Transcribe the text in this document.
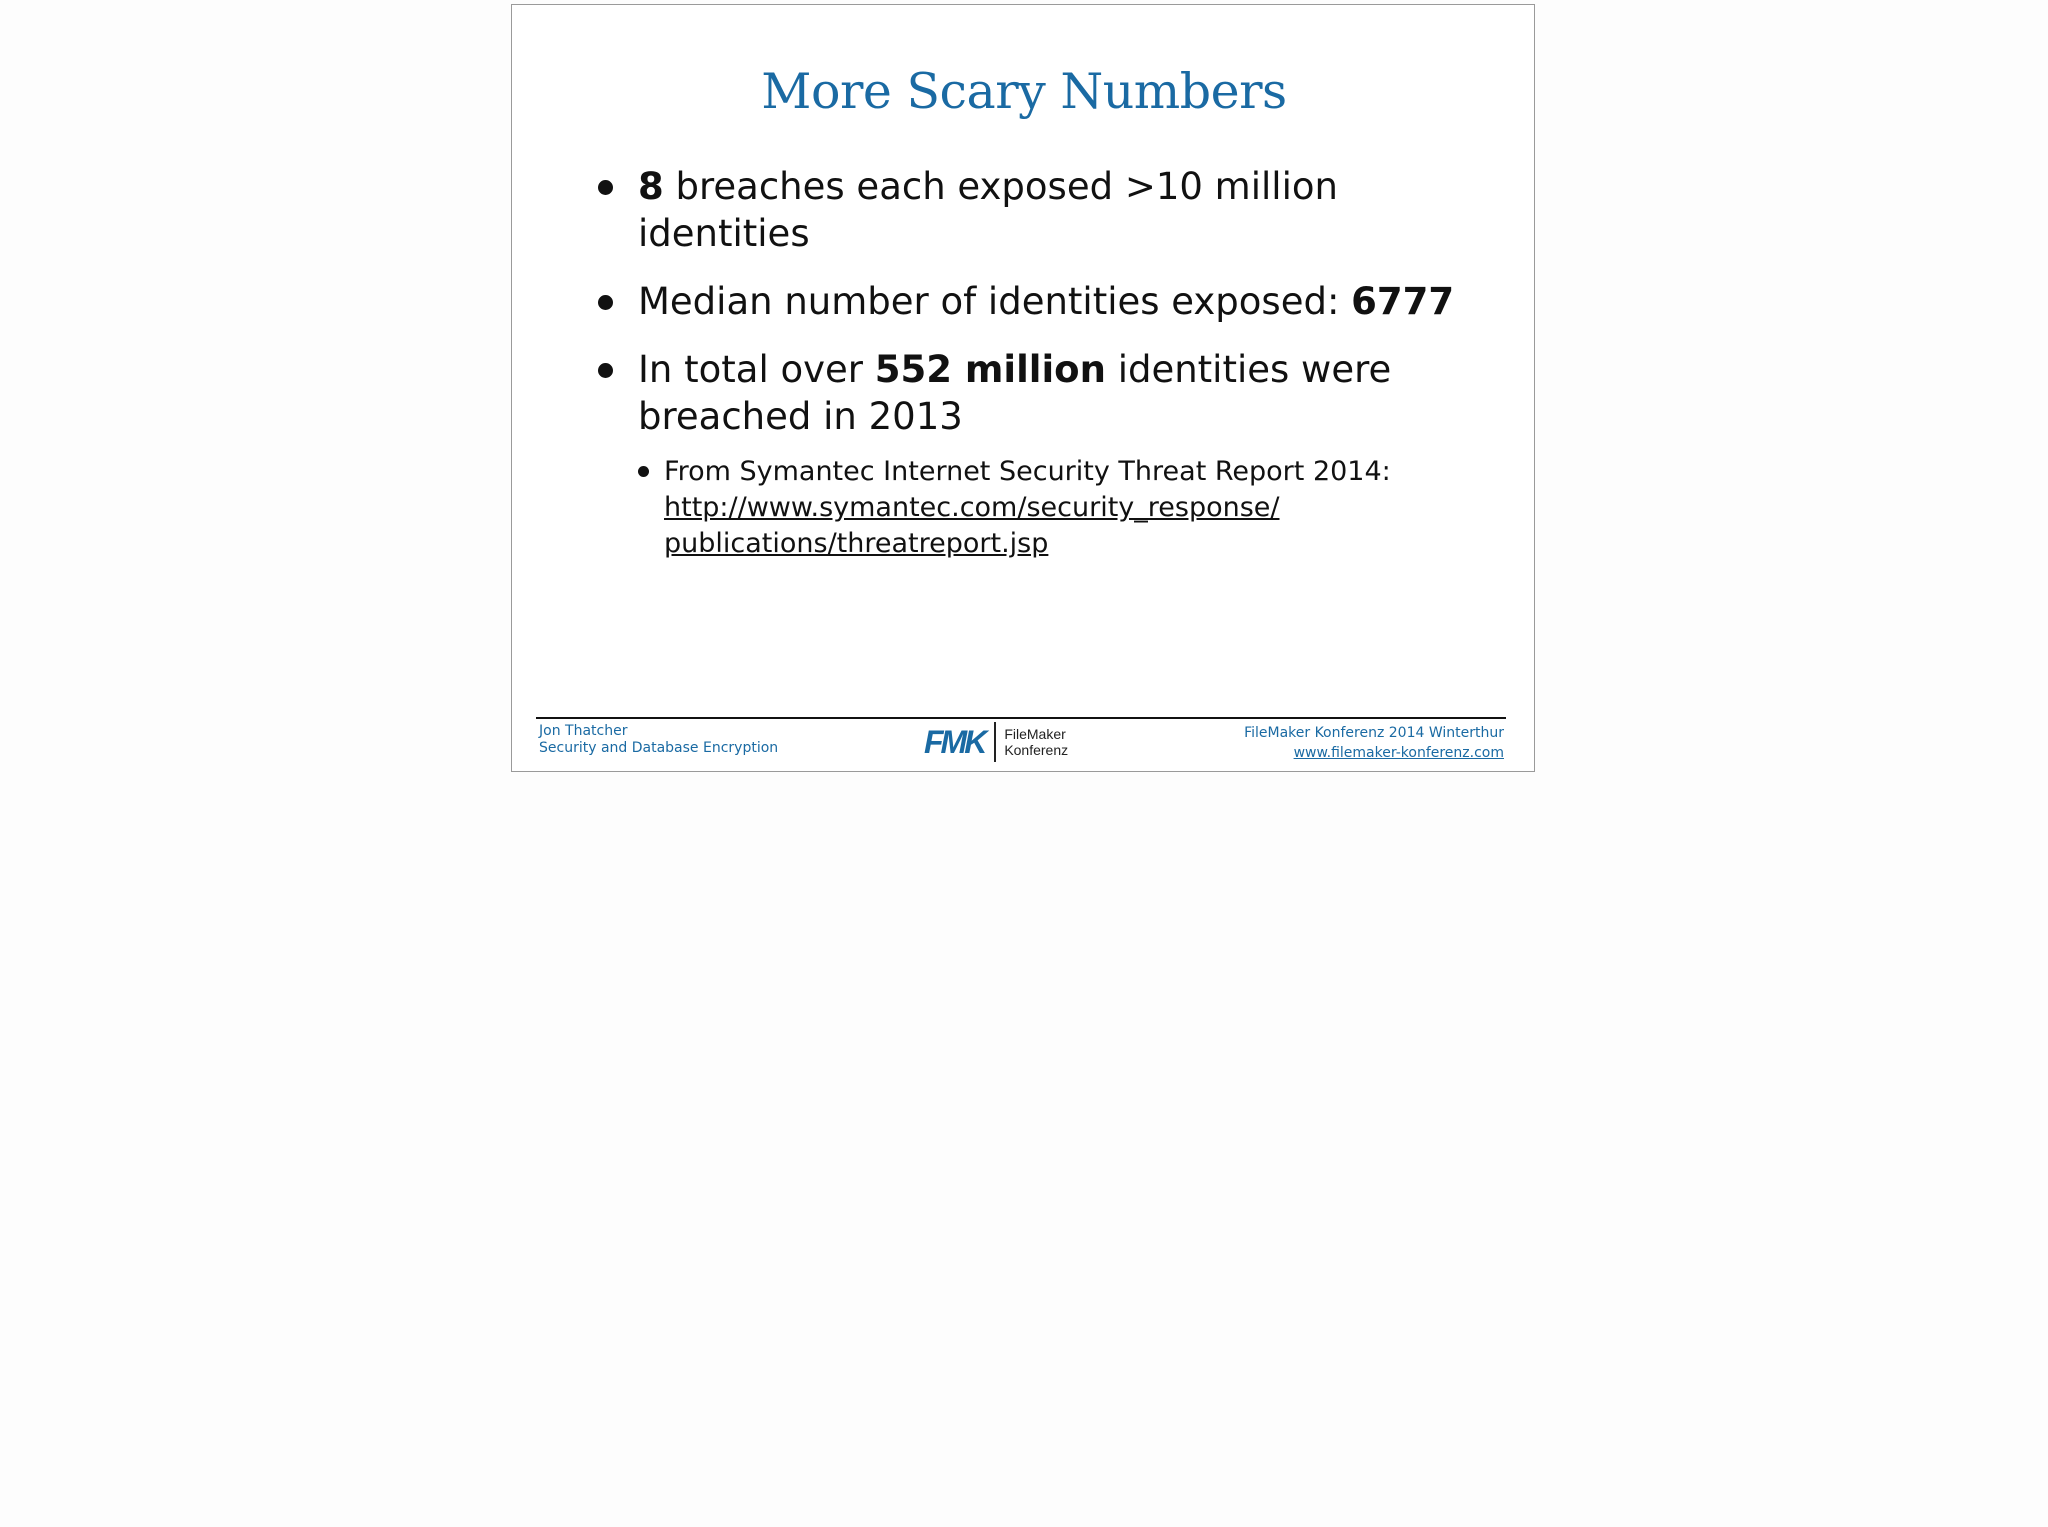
More Scary Numbers
8 breaches each exposed >10 million identities
Median number of identities exposed: 6777
In total over 552 million identities were breached in 2013
From Symantec Internet Security Threat Report 2014:
http://www.symantec.com/security_response/
publications/threatreport.jsp
Jon Thatcher
Security and Database Encryption	FMK FileMaker
Konferenz
FileMaker Konferenz 2014 Winterthur
www.filemaker-konferenz.com
